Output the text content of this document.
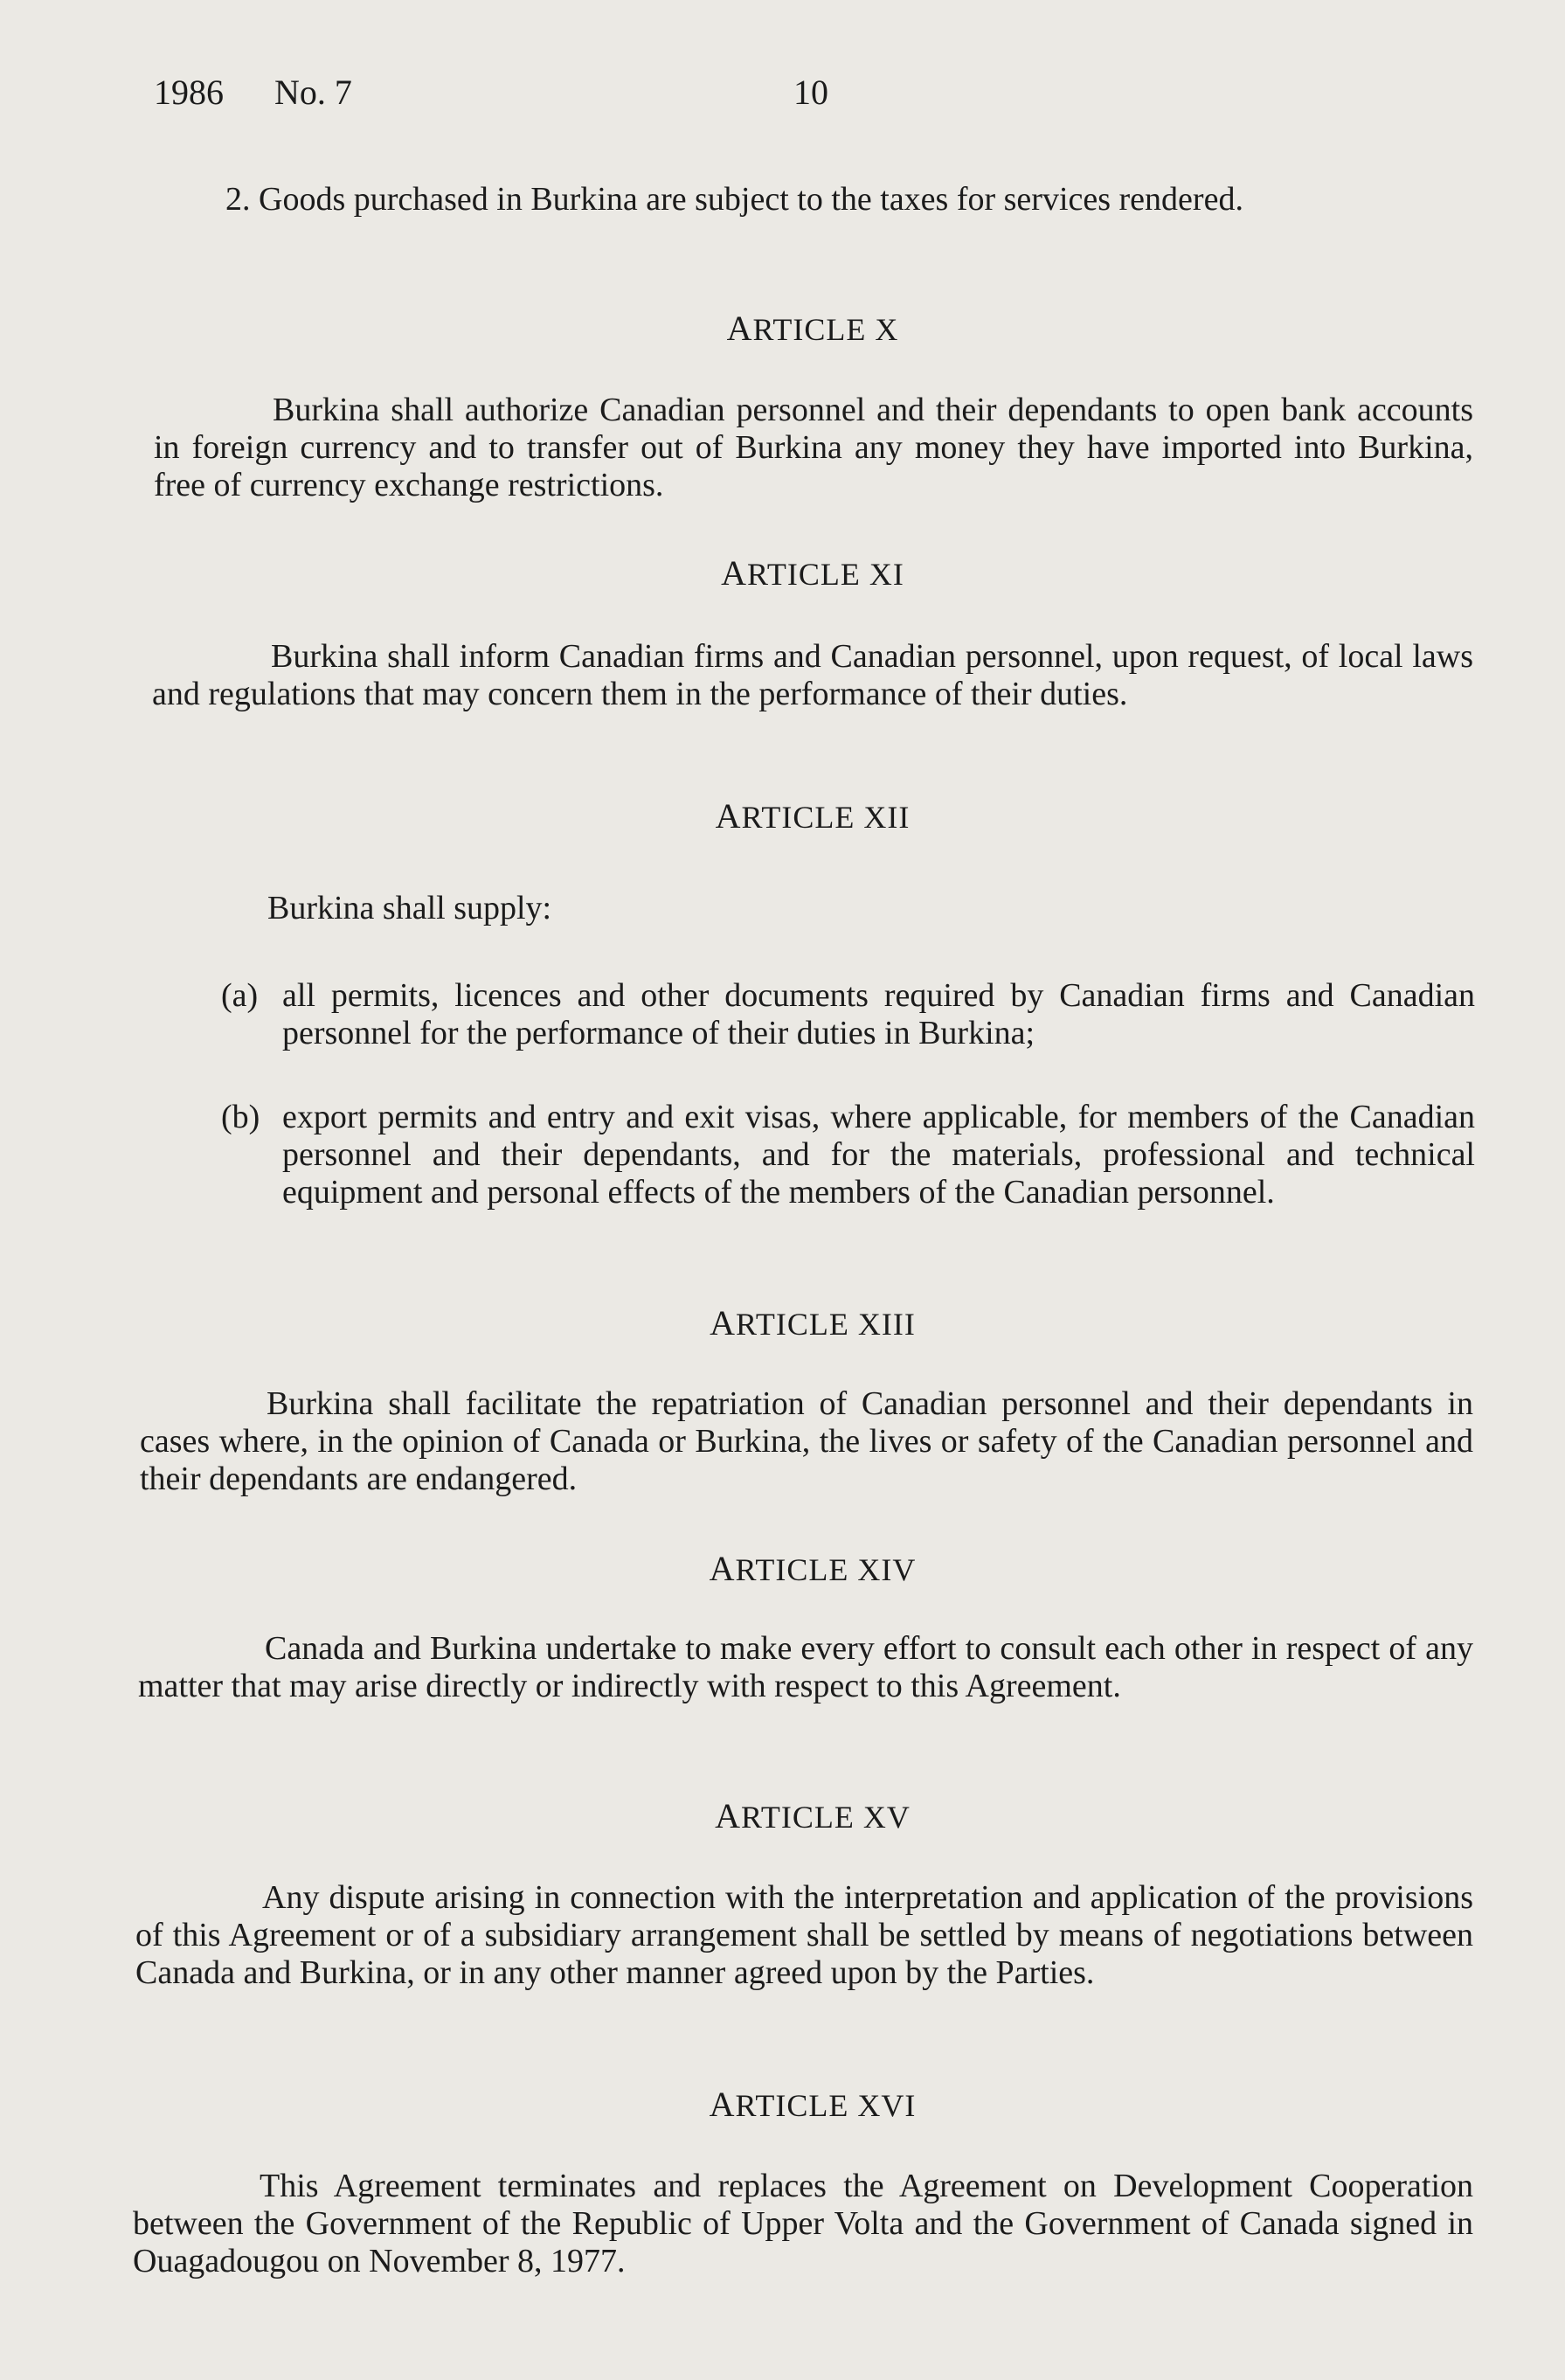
1986 No. 7	10

2. Goods purchased in Burkina are subject to the taxes for services rendered.

ARTICLE X

Burkina shall authorize Canadian personnel and their dependants to open bank accounts in foreign currency and to transfer out of Burkina any money they have imported into Burkina, free of currency exchange restrictions.

ARTICLE XI

Burkina shall inform Canadian firms and Canadian personnel, upon request, of local laws and regulations that may concern them in the performance of their duties.

ARTICLE XII

Burkina shall supply:

(a) all permits, licences and other documents required by Canadian firms and Canadian personnel for the performance of their duties in Burkina;
(b) export permits and entry and exit visas, where applicable, for members of the Canadian personnel and their dependants, and for the materials, professional and technical equipment and personal effects of the members of the Canadian personnel.
ARTICLE XIII

Burkina shall facilitate the repatriation of Canadian personnel and their dependants in cases where, in the opinion of Canada or Burkina, the lives or safety of the Canadian personnel and their dependants are endangered.

ARTICLE XIV

Canada and Burkina undertake to make every effort to consult each other in respect of any matter that may arise directly or indirectly with respect to this Agreement.

ARTICLE XV

Any dispute arising in connection with the interpretation and application of the provisions of this Agreement or of a subsidiary arrangement shall be settled by means of negotiations between Canada and Burkina, or in any other manner agreed upon by the Parties.

ARTICLE XVI

This Agreement terminates and replaces the Agreement on Development Cooperation between the Government of the Republic of Upper Volta and the Government of Canada signed in Ouagadougou on November 8, 1977.
